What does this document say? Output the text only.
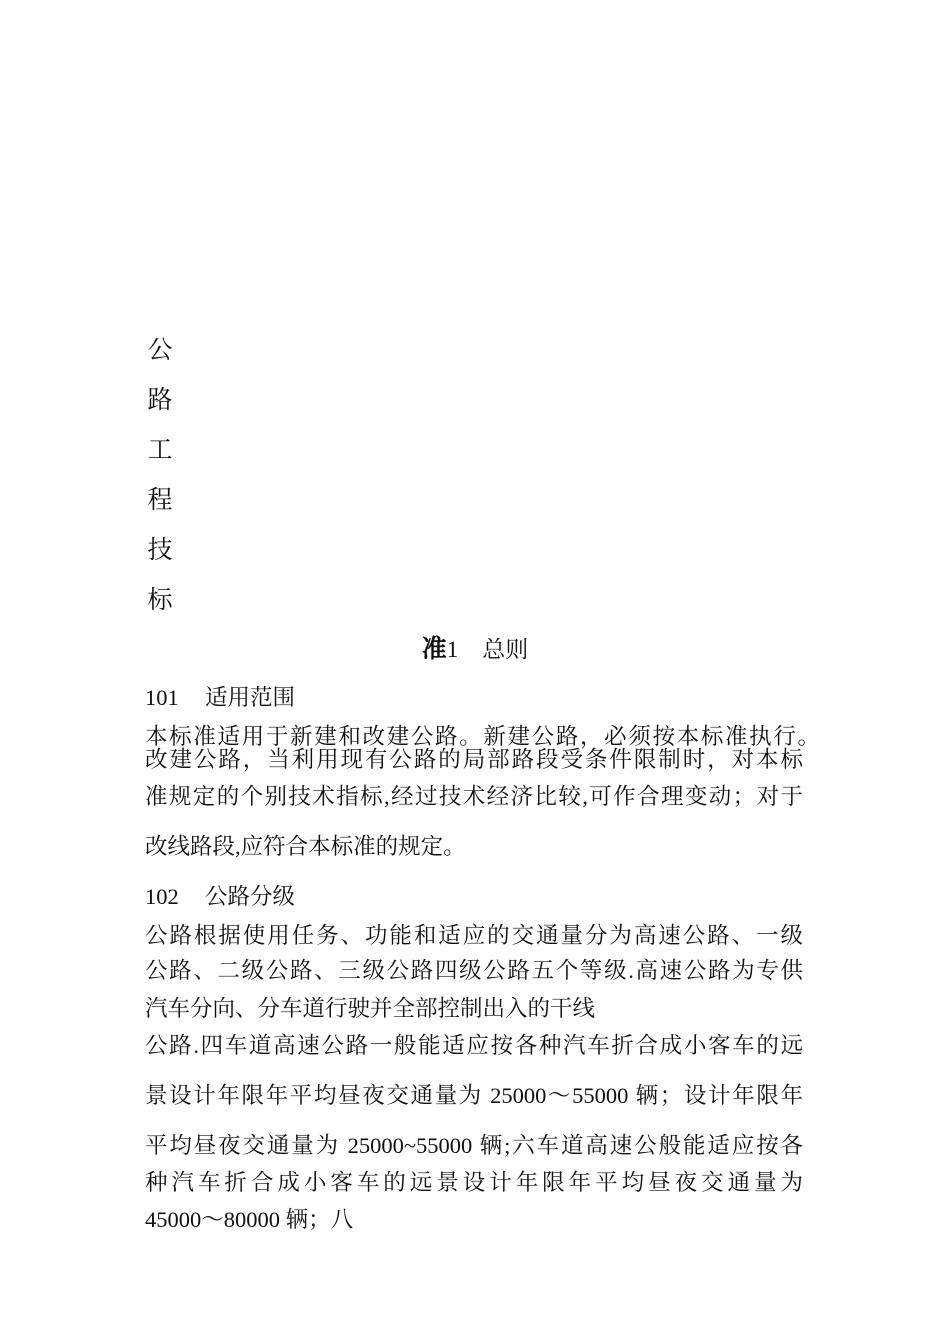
公
路
工
程
技
标
准1 总则
101 适用范围
本标准适用于新建和改建公路。新建公路，必须按本标准执行。
改建公路，当利用现有公路的局部路段受条件限制时，对本标
准规定的个别技术指标,经过技术经济比较,可作合理变动；对于
改线路段,应符合本标准的规定。
102 公路分级
公路根据使用任务、功能和适应的交通量分为高速公路、一级
公路、二级公路、三级公路四级公路五个等级.高速公路为专供
汽车分向、分车道行驶并全部控制出入的干线
公路.四车道高速公路一般能适应按各种汽车折合成小客车的远
景设计年限年平均昼夜交通量为 25000～55000 辆；设计年限年
平均昼夜交通量为 25000~55000 辆;六车道高速公般能适应按各
种汽车折合成小客车的远景设计年限年平均昼夜交通量为
45000～80000 辆；八
